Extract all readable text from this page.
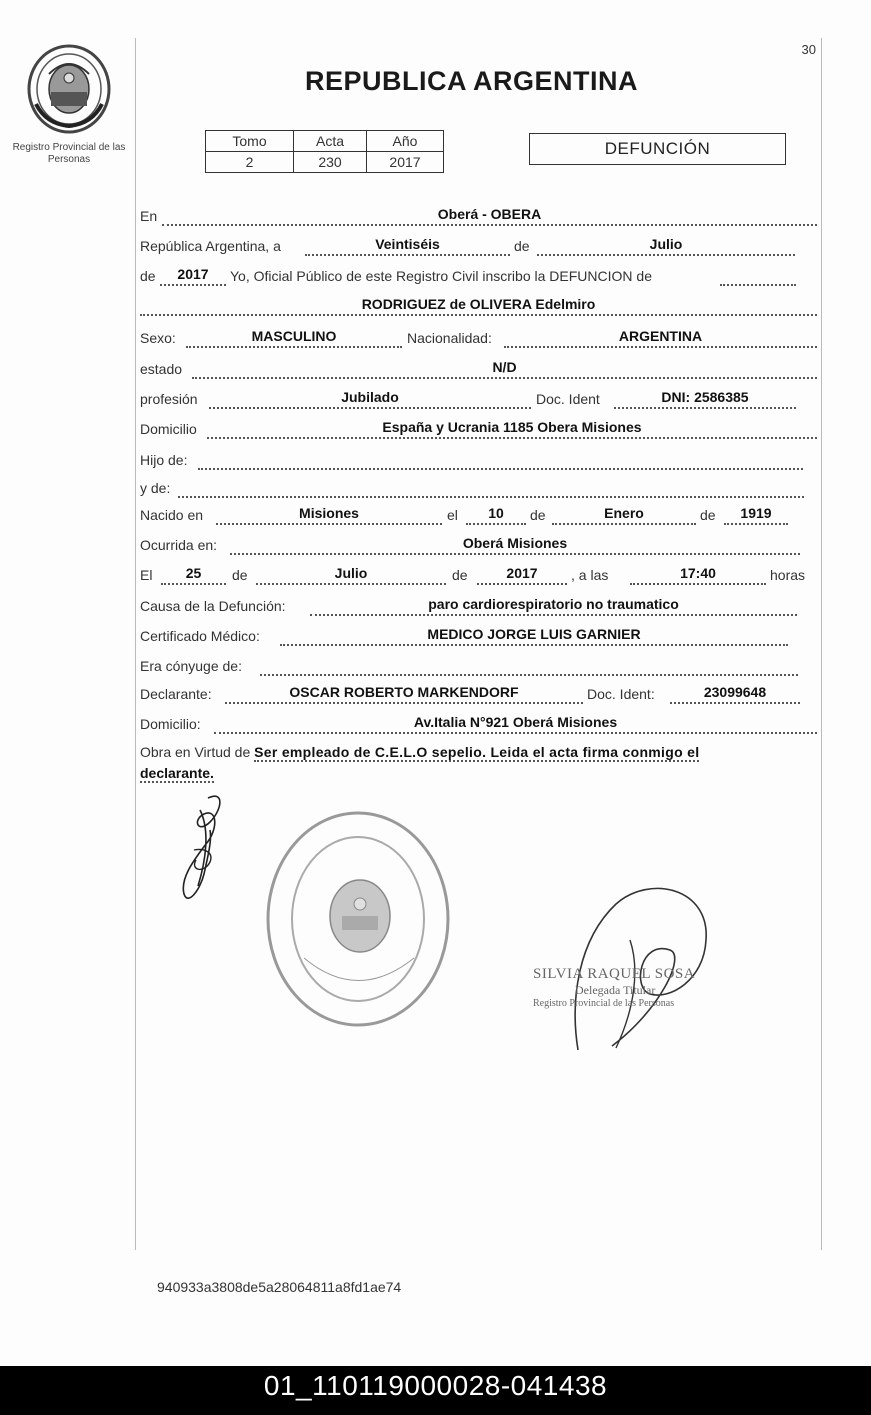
30
Registro Provincial de las Personas
REPUBLICA ARGENTINA
Tomo	Acta	Año
2	230	2017
DEFUNCIÓN
En	Oberá - OBERA
República Argentina, a	Veintiséis	de	Julio
de	2017	Yo, Oficial Público de este Registro Civil inscribo la DEFUNCION de
RODRIGUEZ de OLIVERA Edelmiro
Sexo:	MASCULINO	Nacionalidad:	ARGENTINA
estado	N/D
profesión	Jubilado	Doc. Ident	DNI: 2586385
Domicilio	España y Ucrania 1185 Obera Misiones
Hijo de:
y de:
Nacido en	Misiones	el	10	de	Enero	de	1919
Ocurrida en:	Oberá Misiones
El	25	de	Julio	de	2017	, a las	17:40	horas
Causa de la Defunción:	paro cardiorespiratorio no traumatico
Certificado Médico:	MEDICO JORGE LUIS GARNIER
Era cónyuge de:
Declarante:	OSCAR ROBERTO MARKENDORF	Doc. Ident:	23099648
Domicilio:	Av.Italia N°921 Oberá Misiones
Obra en Virtud de Ser empleado de C.E.L.O sepelio. Leida el acta firma conmigo el
declarante.
SILVIA RAQUEL SOSA
Delegada Titular
Registro Provincial de las Personas
940933a3808de5a28064811a8fd1ae74
01_110119000028-041438
